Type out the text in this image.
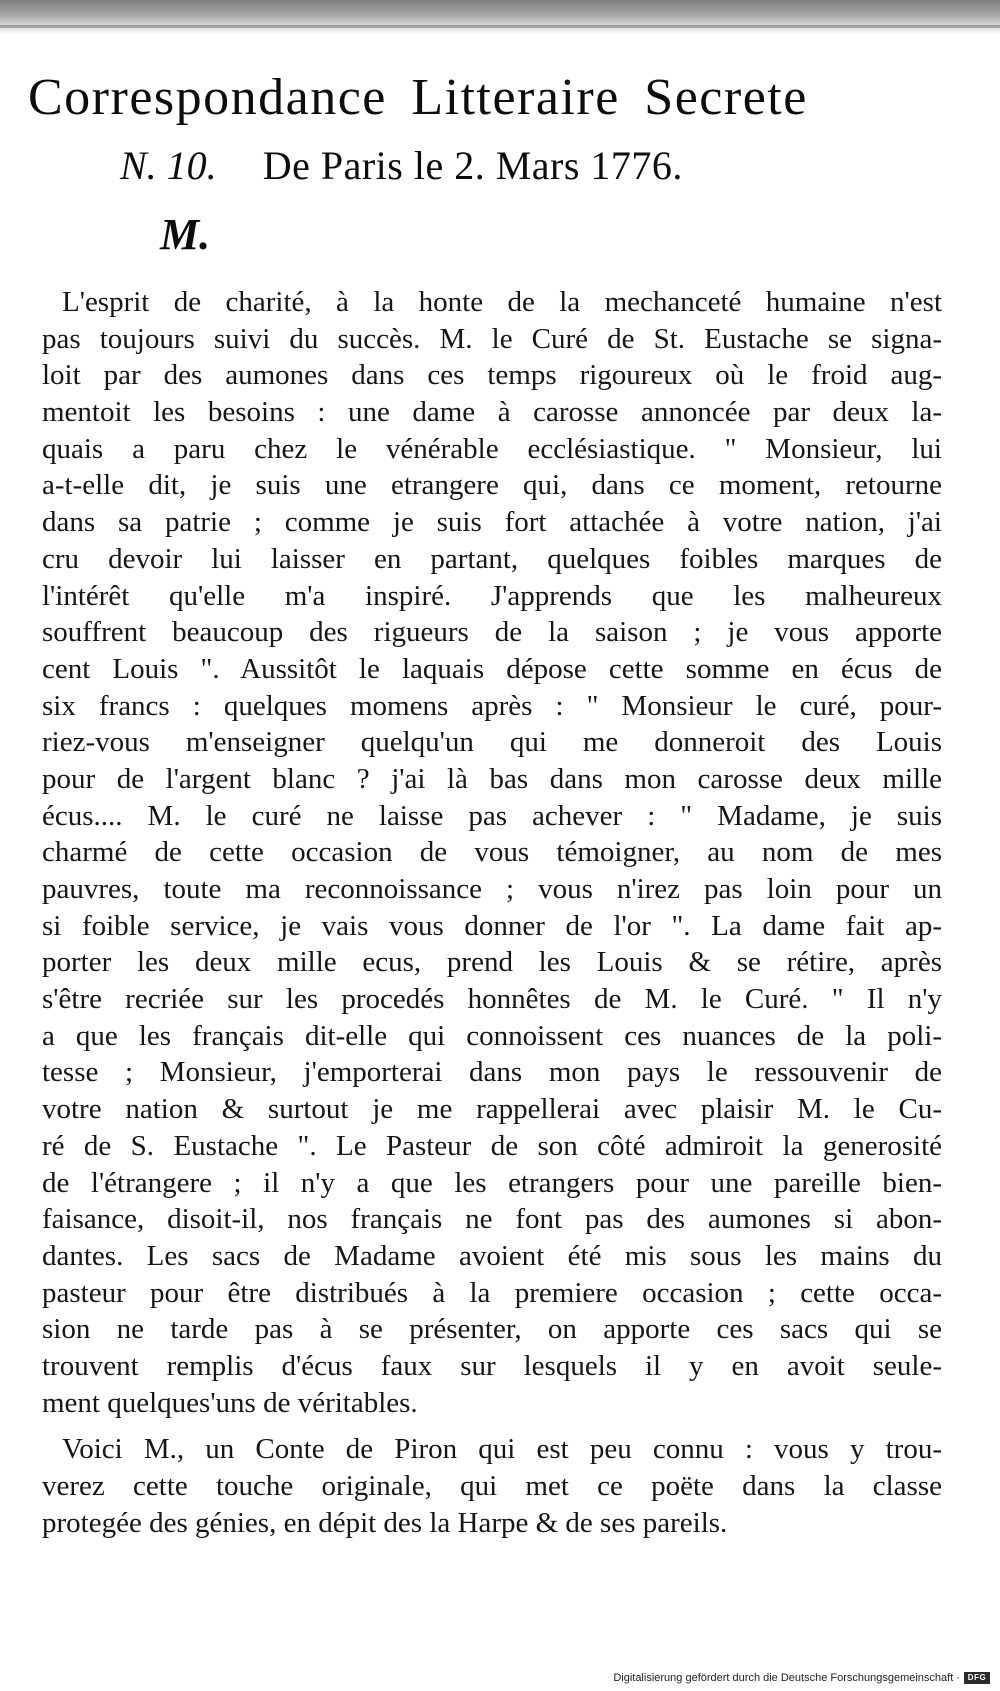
Correspondance Litteraire Secrete
N. 10. De Paris le 2. Mars 1776.
M.
L'esprit de charité, à la honte de la mechanceté humaine n'est
pas toujours suivi du succès. M. le Curé de St. Eustache se signa-
loit par des aumones dans ces temps rigoureux où le froid aug-
mentoit les besoins : une dame à carosse annoncée par deux la-
quais a paru chez le vénérable ecclésiastique. " Monsieur, lui
a-t-elle dit, je suis une etrangere qui, dans ce moment, retourne
dans sa patrie ; comme je suis fort attachée à votre nation, j'ai
cru devoir lui laisser en partant, quelques foibles marques de
l'intérêt qu'elle m'a inspiré. J'apprends que les malheureux
souffrent beaucoup des rigueurs de la saison ; je vous apporte
cent Louis ". Aussitôt le laquais dépose cette somme en écus de
six francs : quelques momens après : " Monsieur le curé, pour-
riez-vous m'enseigner quelqu'un qui me donneroit des Louis
pour de l'argent blanc ? j'ai là bas dans mon carosse deux mille
écus.... M. le curé ne laisse pas achever : " Madame, je suis
charmé de cette occasion de vous témoigner, au nom de mes
pauvres, toute ma reconnoissance ; vous n'irez pas loin pour un
si foible service, je vais vous donner de l'or ". La dame fait ap-
porter les deux mille ecus, prend les Louis & se rétire, après
s'être recriée sur les procedés honnêtes de M. le Curé. " Il n'y
a que les français dit-elle qui connoissent ces nuances de la poli-
tesse ; Monsieur, j'emporterai dans mon pays le ressouvenir de
votre nation & surtout je me rappellerai avec plaisir M. le Cu-
ré de S. Eustache ". Le Pasteur de son côté admiroit la generosité
de l'étrangere ; il n'y a que les etrangers pour une pareille bien-
faisance, disoit-il, nos français ne font pas des aumones si abon-
dantes. Les sacs de Madame avoient été mis sous les mains du
pasteur pour être distribués à la premiere occasion ; cette occa-
sion ne tarde pas à se présenter, on apporte ces sacs qui se
trouvent remplis d'écus faux sur lesquels il y en avoit seule-
ment quelques'uns de véritables.
Voici M., un Conte de Piron qui est peu connu : vous y trou-
verez cette touche originale, qui met ce poëte dans la classe
protegée des génies, en dépit des la Harpe & de ses pareils.
Digitalisierung gefördert durch die Deutsche Forschungsgemeinschaft · DFG
